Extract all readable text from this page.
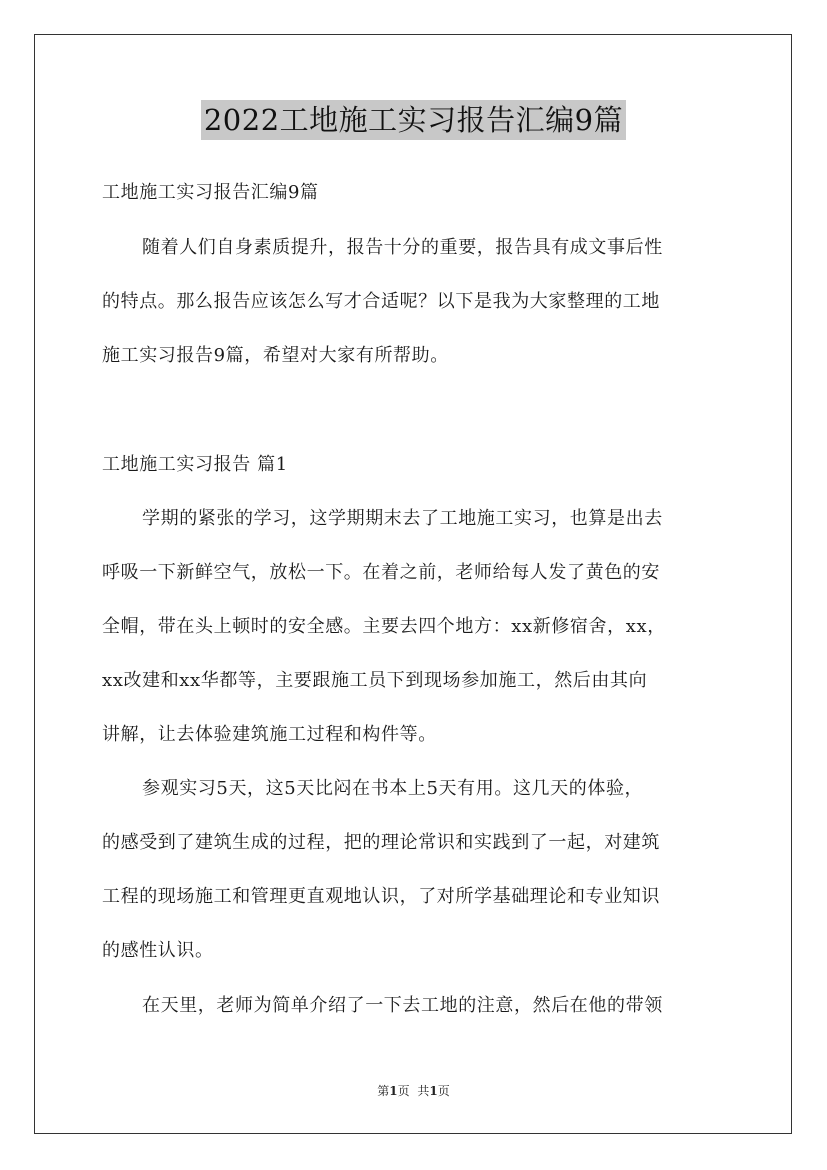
2022工地施工实习报告汇编9篇
工地施工实习报告汇编9篇
随着人们自身素质提升，报告十分的重要，报告具有成文事后性
的特点。那么报告应该怎么写才合适呢？以下是我为大家整理的工地
施工实习报告9篇，希望对大家有所帮助。
工地施工实习报告 篇1
学期的紧张的学习，这学期期末去了工地施工实习，也算是出去
呼吸一下新鲜空气，放松一下。在着之前，老师给每人发了黄色的安
全帽，带在头上顿时的安全感。主要去四个地方：xx新修宿舍，xx，
xx改建和xx华都等，主要跟施工员下到现场参加施工，然后由其向
讲解，让去体验建筑施工过程和构件等。
参观实习5天，这5天比闷在书本上5天有用。这几天的体验，
的感受到了建筑生成的过程，把的理论常识和实践到了一起，对建筑
工程的现场施工和管理更直观地认识，了对所学基础理论和专业知识
的感性认识。
在天里，老师为简单介绍了一下去工地的注意，然后在他的带领
第1页 共1页
